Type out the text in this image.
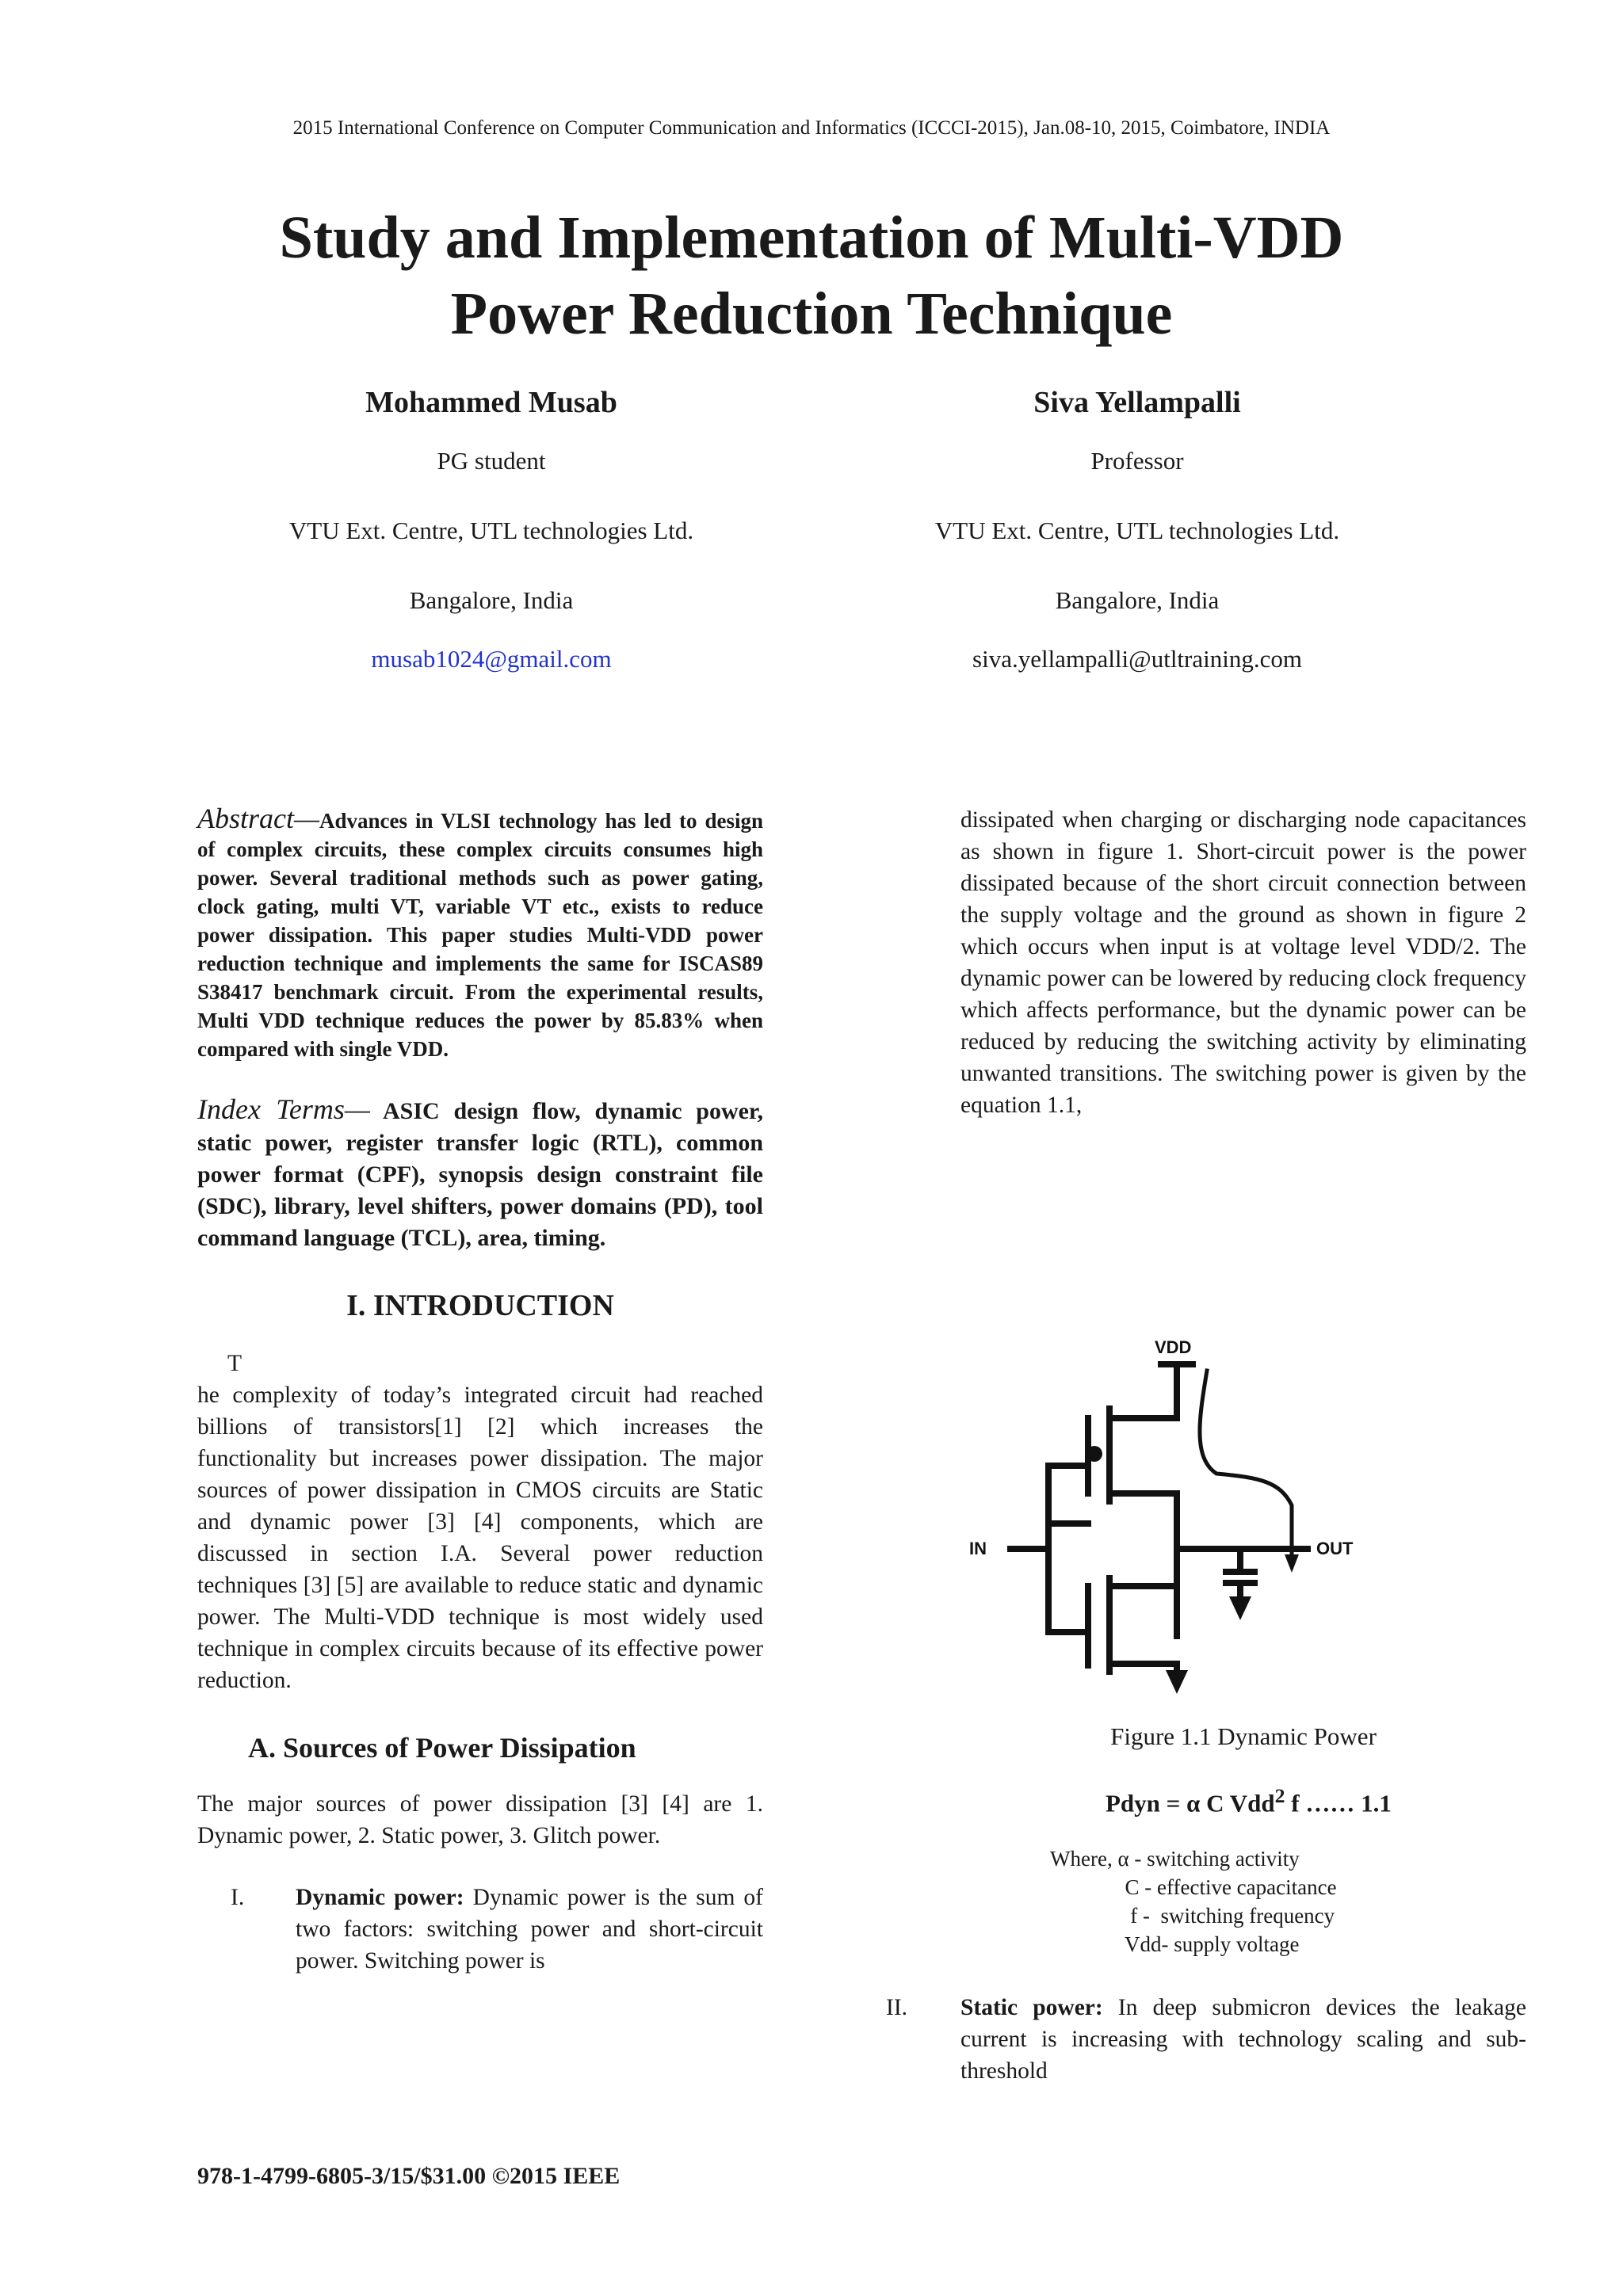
2015 International Conference on Computer Communication and Informatics (ICCCI-2015), Jan.08-10, 2015, Coimbatore, INDIA
Study and Implementation of Multi-VDD
Power Reduction Technique
Mohammed Musab
PG student
VTU Ext. Centre, UTL technologies Ltd.
Bangalore, India
musab1024@gmail.com
Siva Yellampalli
Professor
VTU Ext. Centre, UTL technologies Ltd.
Bangalore, India
siva.yellampalli@utltraining.com
Abstract—Advances in VLSI technology has led to design of complex circuits, these complex circuits consumes high power. Several traditional methods such as power gating, clock gating, multi VT, variable VT etc., exists to reduce power dissipation. This paper studies Multi-VDD power reduction technique and implements the same for ISCAS89 S38417 benchmark circuit. From the experimental results, Multi VDD technique reduces the power by 85.83% when compared with single VDD.
Index Terms— ASIC design flow, dynamic power, static power, register transfer logic (RTL), common power format (CPF), synopsis design constraint file (SDC), library, level shifters, power domains (PD), tool command language (TCL), area, timing.
I. INTRODUCTION
T
he complexity of today’s integrated circuit had reached billions of transistors[1] [2] which increases the functionality but increases power dissipation. The major sources of power dissipation in CMOS circuits are Static and dynamic power [3] [4] components, which are discussed in section I.A. Several power reduction techniques [3] [5] are available to reduce static and dynamic power. The Multi-VDD technique is most widely used technique in complex circuits because of its effective power reduction.
A. Sources of Power Dissipation
The major sources of power dissipation [3] [4] are 1. Dynamic power, 2. Static power, 3. Glitch power.
I. Dynamic power: Dynamic power is the sum of two factors: switching power and short-circuit power. Switching power is
dissipated when charging or discharging node capacitances as shown in figure 1. Short-circuit power is the power dissipated because of the short circuit connection between the supply voltage and the ground as shown in figure 2 which occurs when input is at voltage level VDD/2. The dynamic power can be lowered by reducing clock frequency which affects performance, but the dynamic power can be reduced by reducing the switching activity by eliminating unwanted transitions. The switching power is given by the equation 1.1,
VDD
IN	OUT
Figure 1.1 Dynamic Power
Pdyn = α C Vdd$^2$ f …… 1.1
Where, α - switching activity
C - effective capacitance
f -  switching frequency
Vdd- supply voltage
II. Static power: In deep submicron devices the leakage current is increasing with technology scaling and sub-threshold
978-1-4799-6805-3/15/$31.00 ©2015 IEEE
